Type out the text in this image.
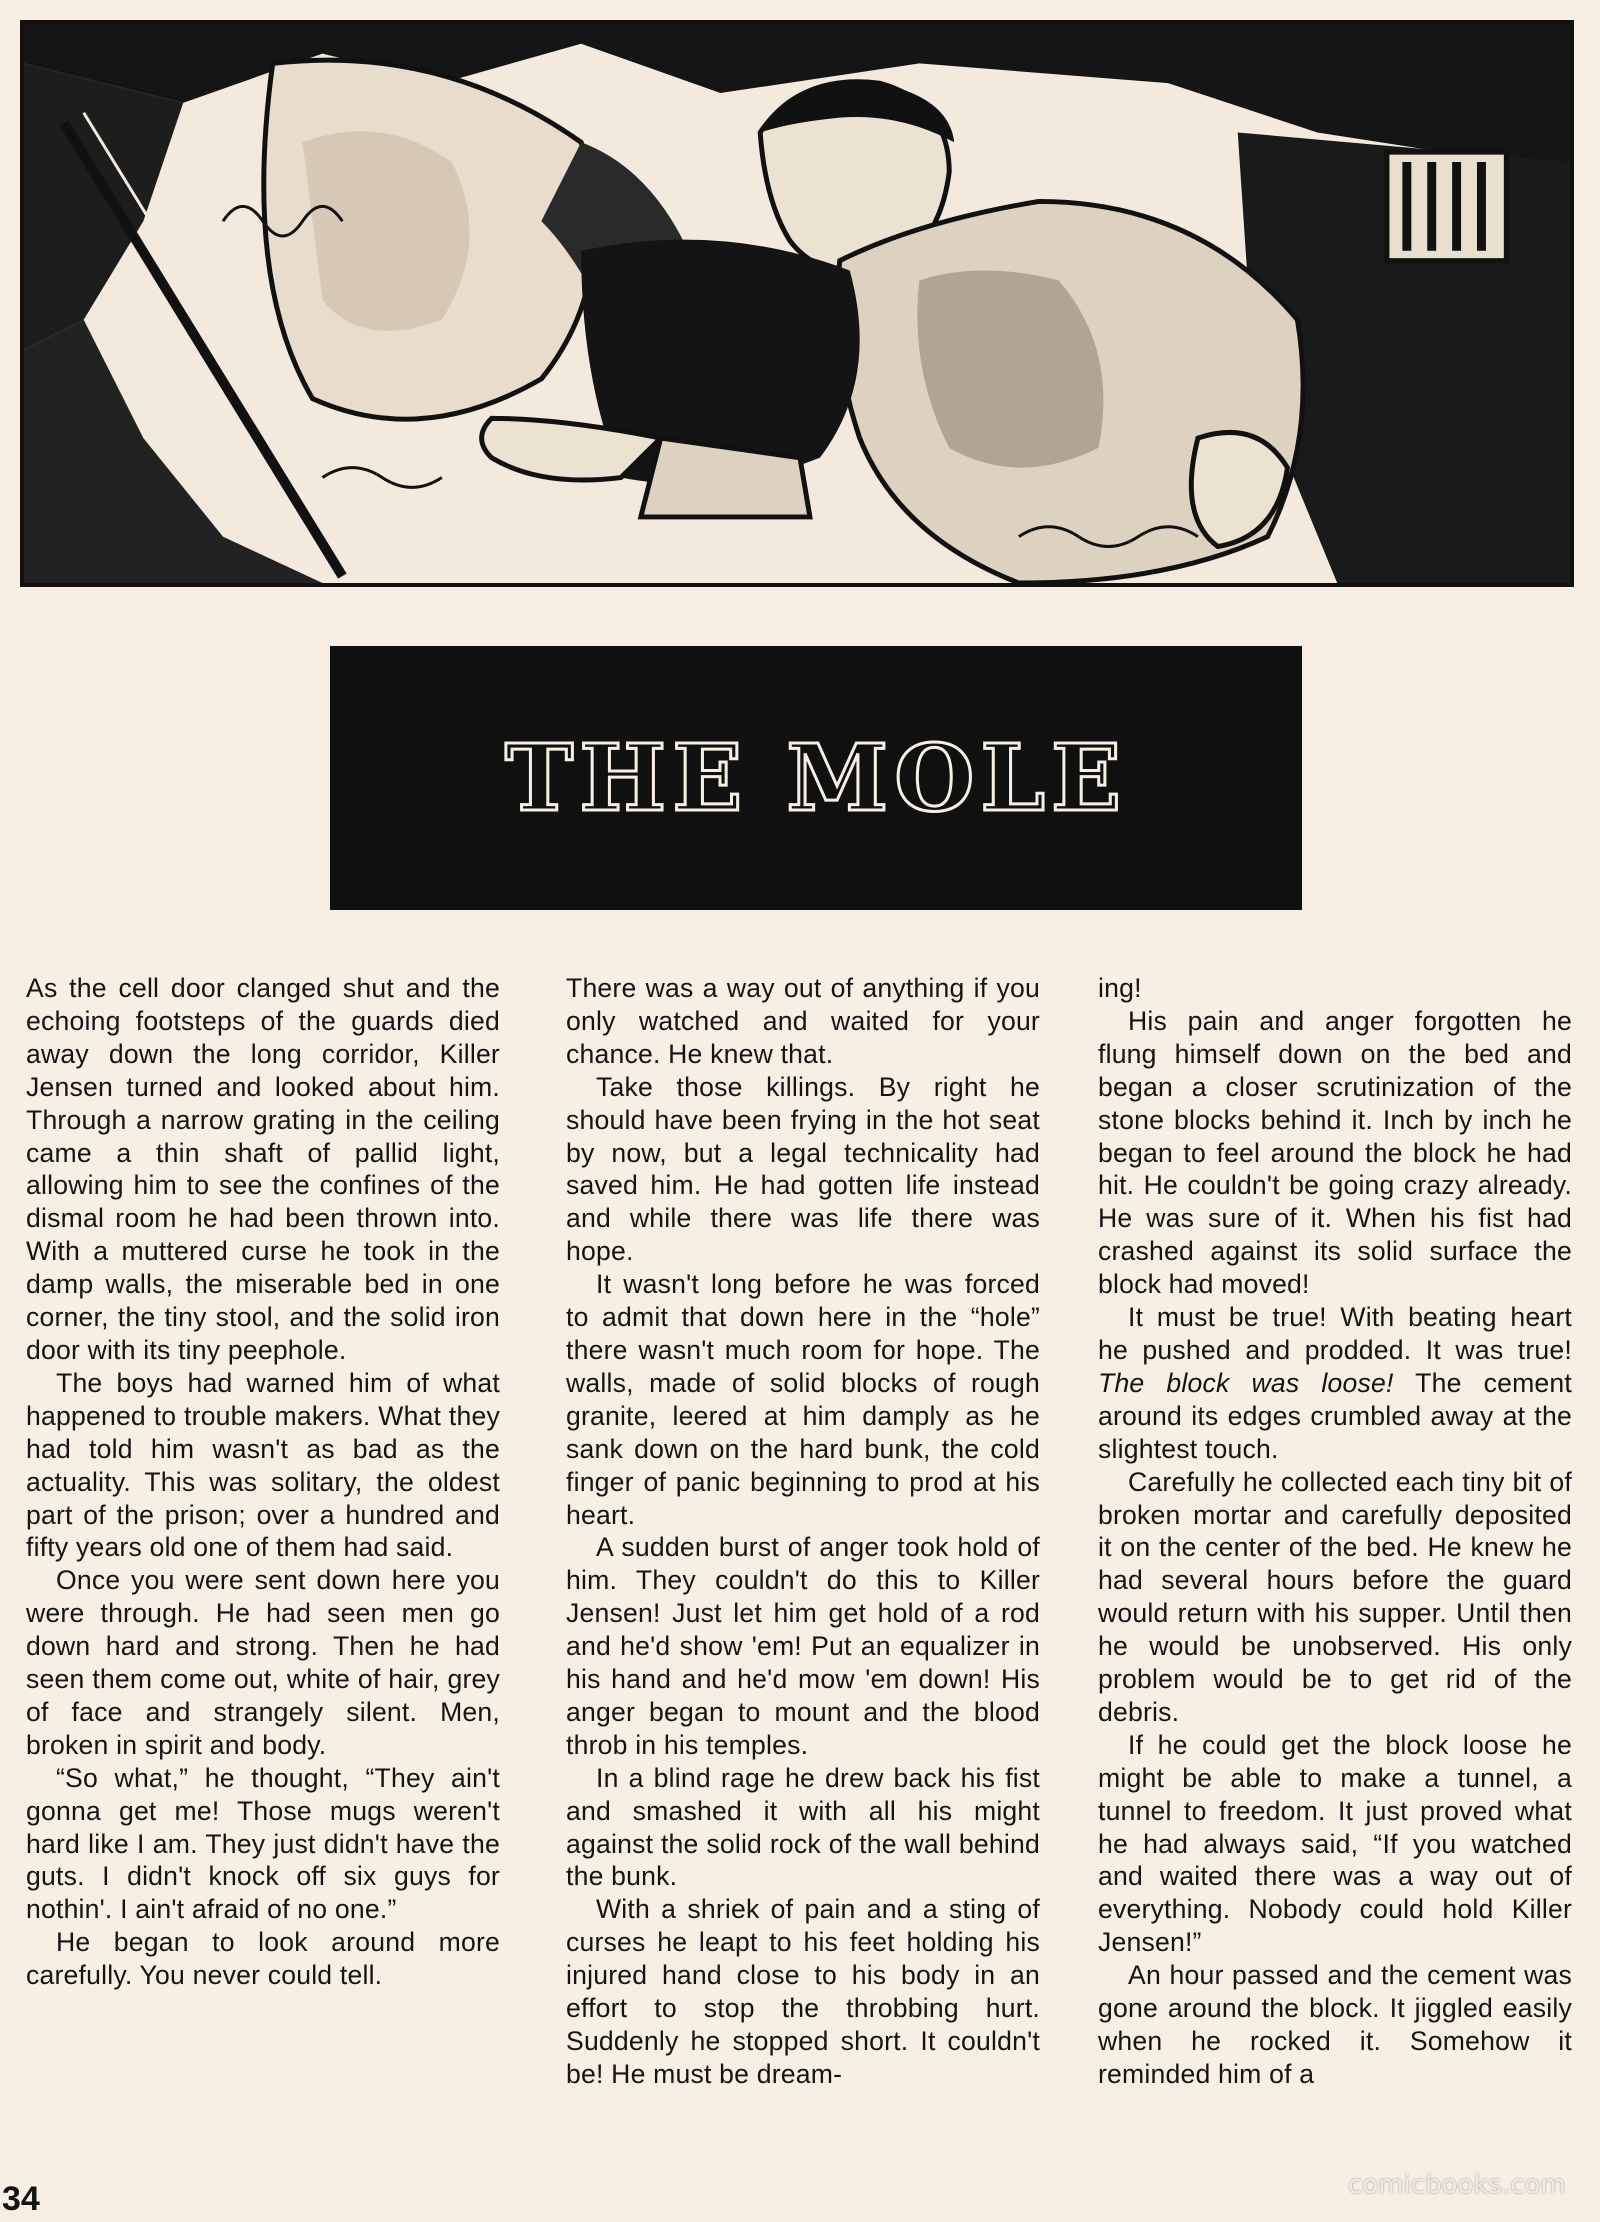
THE MOLE

As the cell door clanged shut and the echoing footsteps of the guards died away down the long corridor, Killer Jensen turned and looked about him. Through a narrow grating in the ceiling came a thin shaft of pallid light, allowing him to see the confines of the dismal room he had been thrown into. With a muttered curse he took in the damp walls, the miserable bed in one corner, the tiny stool, and the solid iron door with its tiny peephole.

The boys had warned him of what happened to trouble makers. What they had told him wasn't as bad as the actuality. This was solitary, the oldest part of the prison; over a hundred and fifty years old one of them had said.

Once you were sent down here you were through. He had seen men go down hard and strong. Then he had seen them come out, white of hair, grey of face and strangely silent. Men, broken in spirit and body.

“So what,” he thought, “They ain't gonna get me! Those mugs weren't hard like I am. They just didn't have the guts. I didn't knock off six guys for nothin'. I ain't afraid of no one.”

He began to look around more carefully. You never could tell.

There was a way out of anything if you only watched and waited for your chance. He knew that.

Take those killings. By right he should have been frying in the hot seat by now, but a legal technicality had saved him. He had gotten life instead and while there was life there was hope.

It wasn't long before he was forced to admit that down here in the “hole” there wasn't much room for hope. The walls, made of solid blocks of rough granite, leered at him damply as he sank down on the hard bunk, the cold finger of panic beginning to prod at his heart.

A sudden burst of anger took hold of him. They couldn't do this to Killer Jensen! Just let him get hold of a rod and he'd show 'em! Put an equalizer in his hand and he'd mow 'em down! His anger began to mount and the blood throb in his temples.

In a blind rage he drew back his fist and smashed it with all his might against the solid rock of the wall behind the bunk.

With a shriek of pain and a sting of curses he leapt to his feet holding his injured hand close to his body in an effort to stop the throbbing hurt. Suddenly he stopped short. It couldn't be! He must be dream-

ing!

His pain and anger forgotten he flung himself down on the bed and began a closer scrutinization of the stone blocks behind it. Inch by inch he began to feel around the block he had hit. He couldn't be going crazy already. He was sure of it. When his fist had crashed against its solid surface the block had moved!

It must be true! With beating heart he pushed and prodded. It was true! The block was loose! The cement around its edges crumbled away at the slightest touch.

Carefully he collected each tiny bit of broken mortar and carefully deposited it on the center of the bed. He knew he had several hours before the guard would return with his supper. Until then he would be unobserved. His only problem would be to get rid of the debris.

If he could get the block loose he might be able to make a tunnel, a tunnel to freedom. It just proved what he had always said, “If you watched and waited there was a way out of everything. Nobody could hold Killer Jensen!”

An hour passed and the cement was gone around the block. It jiggled easily when he rocked it. Somehow it reminded him of a

34	comicbooks.com
